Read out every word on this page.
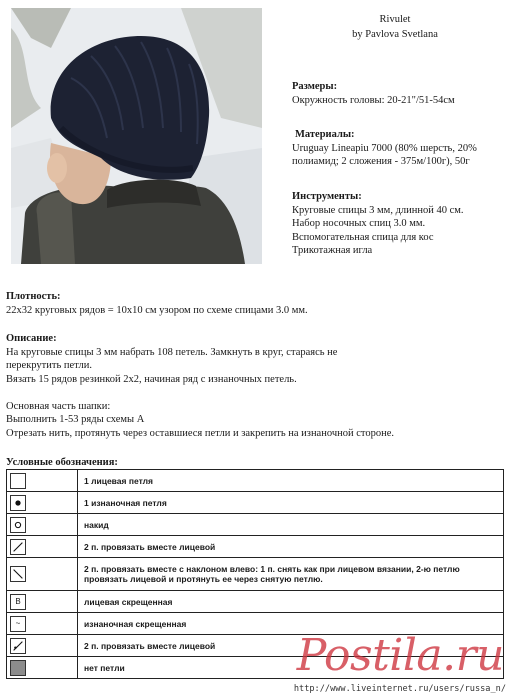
Rivulet
by Pavlova Svetlana
Размеры:
Окружность головы: 20-21"/51-54см
Материалы:
Uruguay Lineapiu 7000 (80% шерсть, 20%
полиамид; 2 сложения - 375м/100г), 50г
Инструменты:
Круговые спицы 3 мм, длинной 40 см.
Набор носочных спиц 3.0 мм.
Вспомогательная спица для кос
Трикотажная игла
Плотность:
22x32 круговых рядов = 10x10 см узором по схеме спицами 3.0 мм.
Описание:
На круговые спицы 3 мм набрать 108 петель. Замкнуть в круг, стараясь не
перекрутить петли.
Вязать 15 рядов резинкой 2x2, начиная ряд с изнаночных петель.
Основная часть шапки:
Выполнить 1-53 ряды схемы А
Отрезать нить, протянуть через оставшиеся петли и закрепить на изнаночной стороне.
Условные обозначения:
	1 лицевая петля

	1 изнаночная петля

	накид

	2 п. провязать вместе лицевой

	2 п. провязать вместе с наклоном влево: 1 п. снять как при лицевом вязании, 2-ю петлю провязать лицевой и протянуть ее через снятую петлю.

B	лицевая скрещенная

~	изнаночная скрещенная

	2 п. провязать вместе лицевой

	нет петли	Postila.ru
http://www.liveinternet.ru/users/russa_n/
